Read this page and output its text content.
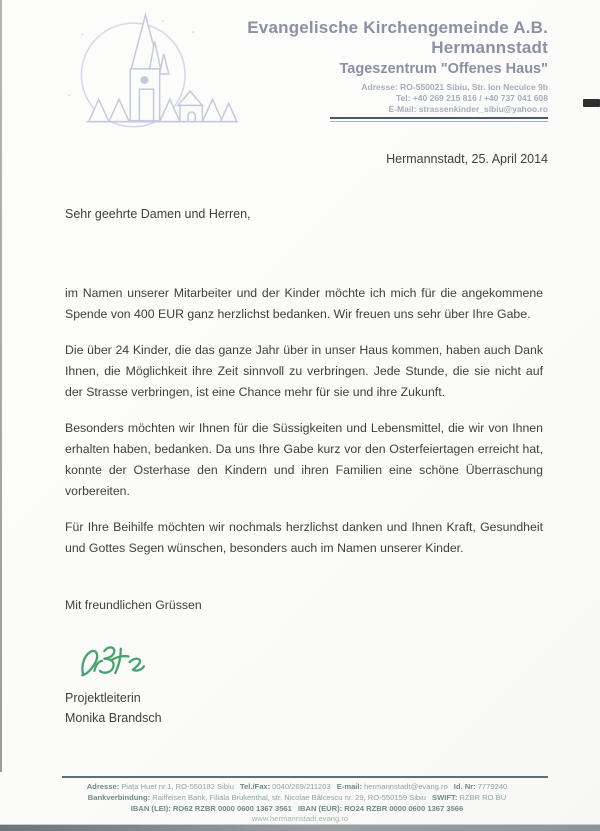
Evangelische Kirchengemeinde A.B.
Hermannstadt
Tageszentrum "Offenes Haus"
Adresse: RO-550021 Sibiu, Str. Ion Neculce 9b
Tel: +40 269 215 816 / +40 737 041 608
E-Mail: strassenkinder_sibiu@yahoo.ro
Hermannstadt, 25. April 2014
Sehr geehrte Damen und Herren,

im Namen unserer Mitarbeiter und der Kinder möchte ich mich für die angekommene Spende von 400 EUR ganz herzlichst bedanken. Wir freuen uns sehr über Ihre Gabe.

Die über 24 Kinder, die das ganze Jahr über in unser Haus kommen, haben auch Dank Ihnen, die Möglichkeit ihre Zeit sinnvoll zu verbringen. Jede Stunde, die sie nicht auf der Strasse verbringen, ist eine Chance mehr für sie und ihre Zukunft.

Besonders möchten wir Ihnen für die Süssigkeiten und Lebensmittel, die wir von Ihnen erhalten haben, bedanken. Da uns Ihre Gabe kurz vor den Osterfeiertagen erreicht hat, konnte der Osterhase den Kindern und ihren Familien eine schöne Überraschung vorbereiten.

Für Ihre Beihilfe möchten wir nochmals herzlichst danken und Ihnen Kraft, Gesundheit und Gottes Segen wünschen, besonders auch im Namen unserer Kinder.

Mit freundlichen Grüssen

Projektleiterin
Monika Brandsch
Adresse: Piața Huet nr.1, RO-550182 Sibiu Tel./Fax: 0040/269/211203 E-mail: hermannstadt@evang.ro Id. Nr: 7779240
Bankverbindung: Raiffeisen Bank, Filiala Brukenthal, str. Nicolae Bălcescu nr. 29, RO-550159 Sibiu SWIFT: RZBR RO BU
IBAN (LEI): RO62 RZBR 0000 0600 1367 3561 IBAN (EUR): RO24 RZBR 0000 0600 1367 3566
www.hermannstadt.evang.ro
